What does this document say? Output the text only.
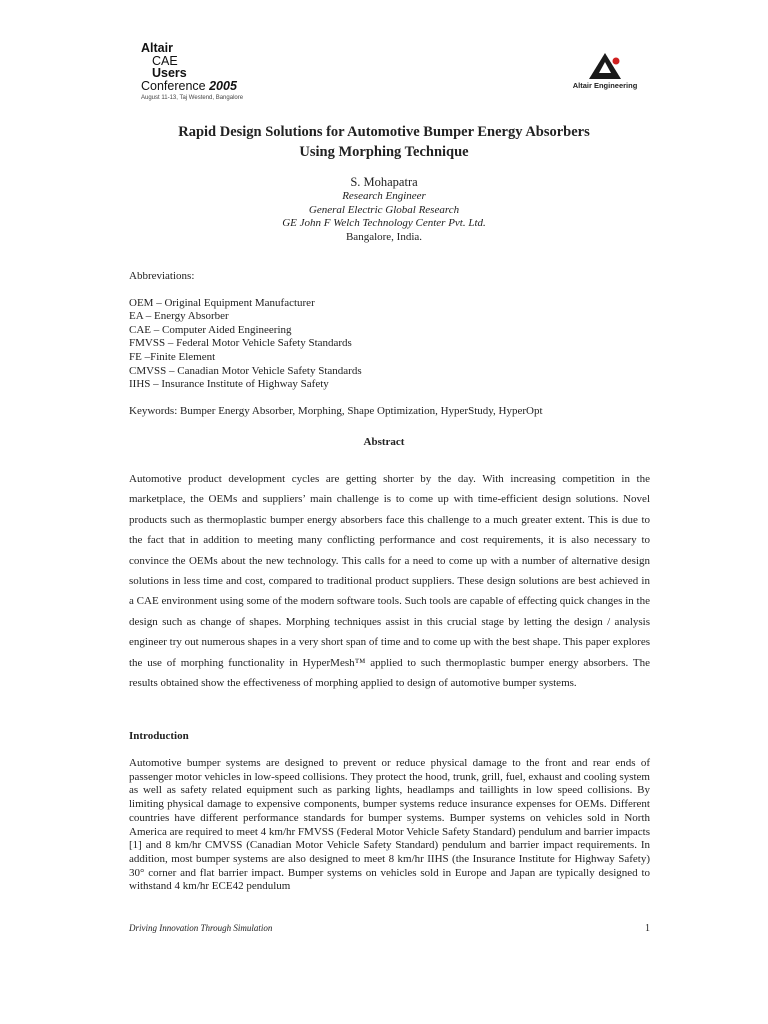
Altair
CAE
Users
Conference 2005
August 11-13, Taj Westend, Bangalore
Altair Engineering
Rapid Design Solutions for Automotive Bumper Energy Absorbers
Using Morphing Technique
S. Mohapatra
Research Engineer
General Electric Global Research
GE John F Welch Technology Center Pvt. Ltd.
Bangalore, India.
Abbreviations:
OEM – Original Equipment Manufacturer
EA – Energy Absorber
CAE – Computer Aided Engineering
FMVSS – Federal Motor Vehicle Safety Standards
FE –Finite Element
CMVSS – Canadian Motor Vehicle Safety Standards
IIHS – Insurance Institute of Highway Safety
Keywords: Bumper Energy Absorber, Morphing, Shape Optimization, HyperStudy, HyperOpt
Abstract

Automotive product development cycles are getting shorter by the day. With increasing competition in the marketplace, the OEMs and suppliers’ main challenge is to come up with time-efficient design solutions. Novel products such as thermoplastic bumper energy absorbers face this challenge to a much greater extent. This is due to the fact that in addition to meeting many conflicting performance and cost requirements, it is also necessary to convince the OEMs about the new technology. This calls for a need to come up with a number of alternative design solutions in less time and cost, compared to traditional product suppliers. These design solutions are best achieved in a CAE environment using some of the modern software tools. Such tools are capable of effecting quick changes in the design such as change of shapes. Morphing techniques assist in this crucial stage by letting the design / analysis engineer try out numerous shapes in a very short span of time and to come up with the best shape. This paper explores the use of morphing functionality in HyperMesh™ applied to such thermoplastic bumper energy absorbers. The results obtained show the effectiveness of morphing applied to design of automotive bumper systems.

Introduction

Automotive bumper systems are designed to prevent or reduce physical damage to the front and rear ends of passenger motor vehicles in low-speed collisions. They protect the hood, trunk, grill, fuel, exhaust and cooling system as well as safety related equipment such as parking lights, headlamps and taillights in low speed collisions. By limiting physical damage to expensive components, bumper systems reduce insurance expenses for OEMs. Different countries have different performance standards for bumper systems. Bumper systems on vehicles sold in North America are required to meet 4 km/hr FMVSS (Federal Motor Vehicle Safety Standard) pendulum and barrier impacts [1] and 8 km/hr CMVSS (Canadian Motor Vehicle Safety Standard) pendulum and barrier impact requirements. In addition, most bumper systems are also designed to meet 8 km/hr IIHS (the Insurance Institute for Highway Safety) 30° corner and flat barrier impact. Bumper systems on vehicles sold in Europe and Japan are typically designed to withstand 4 km/hr ECE42 pendulum

Driving Innovation Through Simulation	1
